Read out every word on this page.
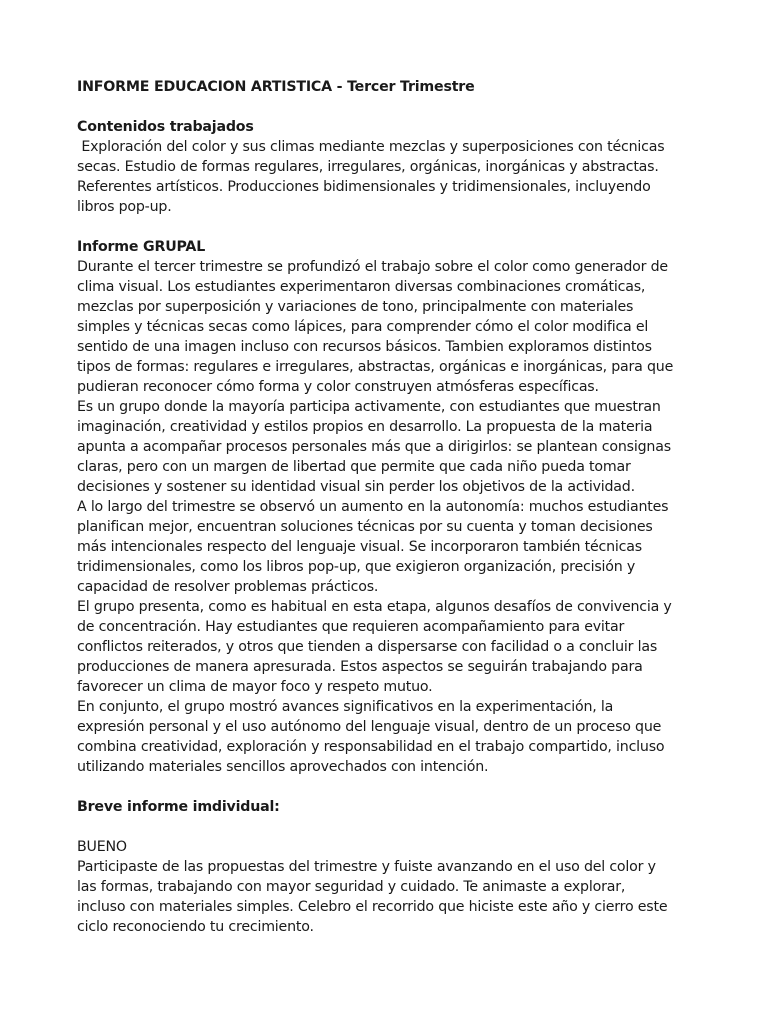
INFORME EDUCACION ARTISTICA - Tercer Trimestre

Contenidos trabajados

Exploración del color y sus climas mediante mezclas y superposiciones con técnicas secas. Estudio de formas regulares, irregulares, orgánicas, inorgánicas y abstractas. Referentes artísticos. Producciones bidimensionales y tridimensionales, incluyendo libros pop-up.

Informe GRUPAL

Durante el tercer trimestre se profundizó el trabajo sobre el color como generador de clima visual. Los estudiantes experimentaron diversas combinaciones cromáticas, mezclas por superposición y variaciones de tono, principalmente con materiales simples y técnicas secas como lápices, para comprender cómo el color modifica el sentido de una imagen incluso con recursos básicos. Tambien exploramos distintos tipos de formas: regulares e irregulares, abstractas, orgánicas e inorgánicas, para que pudieran reconocer cómo forma y color construyen atmósferas específicas.

Es un grupo donde la mayoría participa activamente, con estudiantes que muestran imaginación, creatividad y estilos propios en desarrollo. La propuesta de la materia apunta a acompañar procesos personales más que a dirigirlos: se plantean consignas claras, pero con un margen de libertad que permite que cada niño pueda tomar decisiones y sostener su identidad visual sin perder los objetivos de la actividad.

A lo largo del trimestre se observó un aumento en la autonomía: muchos estudiantes planifican mejor, encuentran soluciones técnicas por su cuenta y toman decisiones más intencionales respecto del lenguaje visual. Se incorporaron también técnicas tridimensionales, como los libros pop-up, que exigieron organización, precisión y capacidad de resolver problemas prácticos.

El grupo presenta, como es habitual en esta etapa, algunos desafíos de convivencia y de concentración. Hay estudiantes que requieren acompañamiento para evitar conflictos reiterados, y otros que tienden a dispersarse con facilidad o a concluir las producciones de manera apresurada. Estos aspectos se seguirán trabajando para favorecer un clima de mayor foco y respeto mutuo.

En conjunto, el grupo mostró avances significativos en la experimentación, la expresión personal y el uso autónomo del lenguaje visual, dentro de un proceso que combina creatividad, exploración y responsabilidad en el trabajo compartido, incluso utilizando materiales sencillos aprovechados con intención.

Breve informe imdividual:

BUENO

Participaste de las propuestas del trimestre y fuiste avanzando en el uso del color y las formas, trabajando con mayor seguridad y cuidado. Te animaste a explorar, incluso con materiales simples. Celebro el recorrido que hiciste este año y cierro este ciclo reconociendo tu crecimiento.
